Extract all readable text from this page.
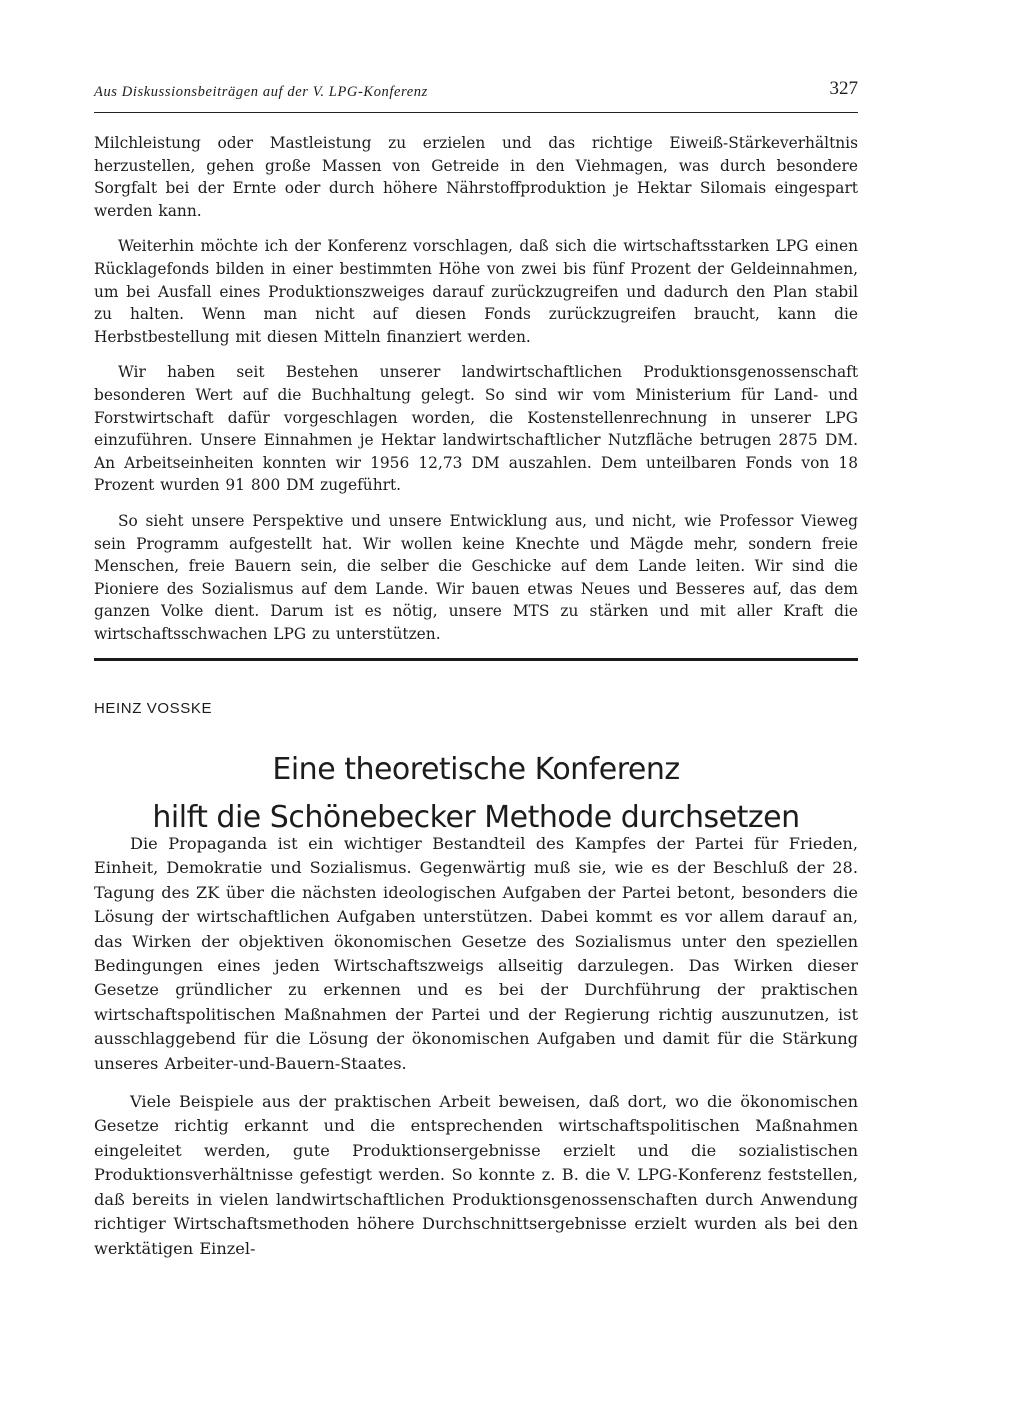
Aus Diskussionsbeiträgen auf der V. LPG-Konferenz	327

Milchleistung oder Mastleistung zu erzielen und das richtige Eiweiß-Stärkeverhältnis herzustellen, gehen große Massen von Getreide in den Viehmagen, was durch besondere Sorgfalt bei der Ernte oder durch höhere Nährstoffproduktion je Hektar Silomais eingespart werden kann.

Weiterhin möchte ich der Konferenz vorschlagen, daß sich die wirtschaftsstarken LPG einen Rücklagefonds bilden in einer bestimmten Höhe von zwei bis fünf Prozent der Geldeinnahmen, um bei Ausfall eines Produktionszweiges darauf zurückzugreifen und dadurch den Plan stabil zu halten. Wenn man nicht auf diesen Fonds zurückzugreifen braucht, kann die Herbstbestellung mit diesen Mitteln finanziert werden.

Wir haben seit Bestehen unserer landwirtschaftlichen Produktionsgenossenschaft besonderen Wert auf die Buchhaltung gelegt. So sind wir vom Ministerium für Land- und Forstwirtschaft dafür vorgeschlagen worden, die Kostenstellenrechnung in unserer LPG einzuführen. Unsere Einnahmen je Hektar landwirtschaftlicher Nutzfläche betrugen 2875 DM. An Arbeitseinheiten konnten wir 1956 12,73 DM auszahlen. Dem unteilbaren Fonds von 18 Prozent wurden 91 800 DM zugeführt.

So sieht unsere Perspektive und unsere Entwicklung aus, und nicht, wie Professor Vieweg sein Programm aufgestellt hat. Wir wollen keine Knechte und Mägde mehr, sondern freie Menschen, freie Bauern sein, die selber die Geschicke auf dem Lande leiten. Wir sind die Pioniere des Sozialismus auf dem Lande. Wir bauen etwas Neues und Besseres auf, das dem ganzen Volke dient. Darum ist es nötig, unsere MTS zu stärken und mit aller Kraft die wirtschaftsschwachen LPG zu unterstützen.

HEINZ VOSSKE
Eine theoretische Konferenz
hilft die Schönebecker Methode durchsetzen

Die Propaganda ist ein wichtiger Bestandteil des Kampfes der Partei für Frieden, Einheit, Demokratie und Sozialismus. Gegenwärtig muß sie, wie es der Beschluß der 28. Tagung des ZK über die nächsten ideologischen Aufgaben der Partei betont, besonders die Lösung der wirtschaftlichen Aufgaben unterstützen. Dabei kommt es vor allem darauf an, das Wirken der objektiven ökonomischen Gesetze des Sozialismus unter den speziellen Bedingungen eines jeden Wirtschaftszweigs allseitig darzulegen. Das Wirken dieser Gesetze gründlicher zu erkennen und es bei der Durchführung der praktischen wirtschaftspolitischen Maßnahmen der Partei und der Regierung richtig auszunutzen, ist ausschlaggebend für die Lösung der ökonomischen Aufgaben und damit für die Stärkung unseres Arbeiter-und-Bauern-Staates.

Viele Beispiele aus der praktischen Arbeit beweisen, daß dort, wo die ökonomischen Gesetze richtig erkannt und die entsprechenden wirtschaftspolitischen Maßnahmen eingeleitet werden, gute Produktionsergebnisse erzielt und die sozialistischen Produktionsverhältnisse gefestigt werden. So konnte z. B. die V. LPG-Konferenz feststellen, daß bereits in vielen landwirtschaftlichen Produktionsgenossenschaften durch Anwendung richtiger Wirtschaftsmethoden höhere Durchschnittsergebnisse erzielt wurden als bei den werktätigen Einzel-
